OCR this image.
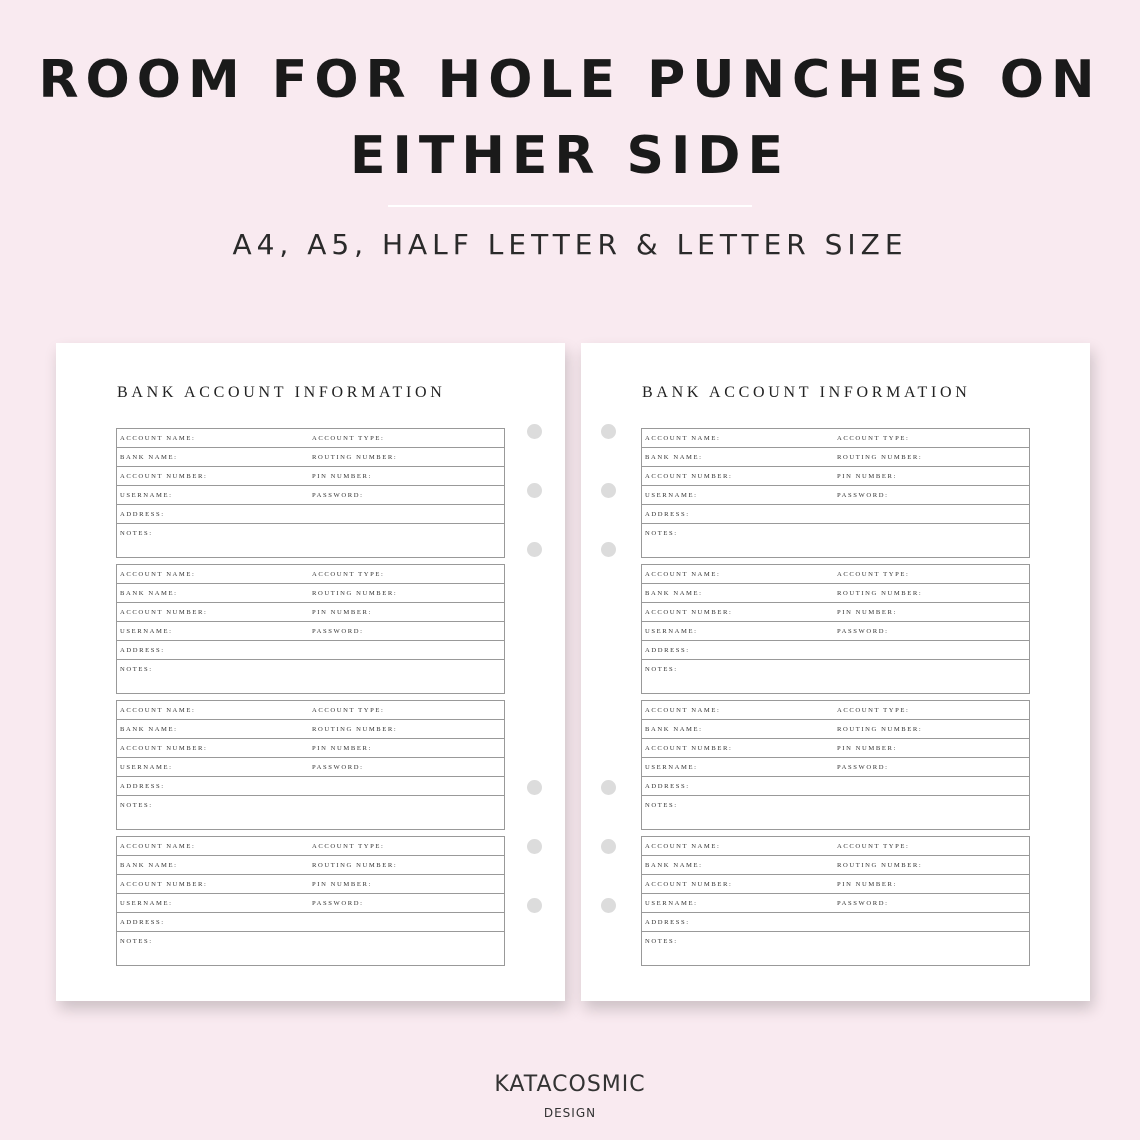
ROOM FOR HOLE PUNCHES ON
EITHER SIDE
A4, A5, HALF LETTER & LETTER SIZE
BANK ACCOUNT INFORMATION
ACCOUNT NAME:	ACCOUNT TYPE:
BANK NAME:	ROUTING NUMBER:
ACCOUNT NUMBER:	PIN NUMBER:
USERNAME:	PASSWORD:
ADDRESS:
NOTES:
ACCOUNT NAME:	ACCOUNT TYPE:
BANK NAME:	ROUTING NUMBER:
ACCOUNT NUMBER:	PIN NUMBER:
USERNAME:	PASSWORD:
ADDRESS:
NOTES:
ACCOUNT NAME:	ACCOUNT TYPE:
BANK NAME:	ROUTING NUMBER:
ACCOUNT NUMBER:	PIN NUMBER:
USERNAME:	PASSWORD:
ADDRESS:
NOTES:
ACCOUNT NAME:	ACCOUNT TYPE:
BANK NAME:	ROUTING NUMBER:
ACCOUNT NUMBER:	PIN NUMBER:
USERNAME:	PASSWORD:
ADDRESS:
NOTES:
BANK ACCOUNT INFORMATION
ACCOUNT NAME:	ACCOUNT TYPE:
BANK NAME:	ROUTING NUMBER:
ACCOUNT NUMBER:	PIN NUMBER:
USERNAME:	PASSWORD:
ADDRESS:
NOTES:
ACCOUNT NAME:	ACCOUNT TYPE:
BANK NAME:	ROUTING NUMBER:
ACCOUNT NUMBER:	PIN NUMBER:
USERNAME:	PASSWORD:
ADDRESS:
NOTES:
ACCOUNT NAME:	ACCOUNT TYPE:
BANK NAME:	ROUTING NUMBER:
ACCOUNT NUMBER:	PIN NUMBER:
USERNAME:	PASSWORD:
ADDRESS:
NOTES:
ACCOUNT NAME:	ACCOUNT TYPE:
BANK NAME:	ROUTING NUMBER:
ACCOUNT NUMBER:	PIN NUMBER:
USERNAME:	PASSWORD:
ADDRESS:
NOTES:
KATACOSMIC
DESIGN
